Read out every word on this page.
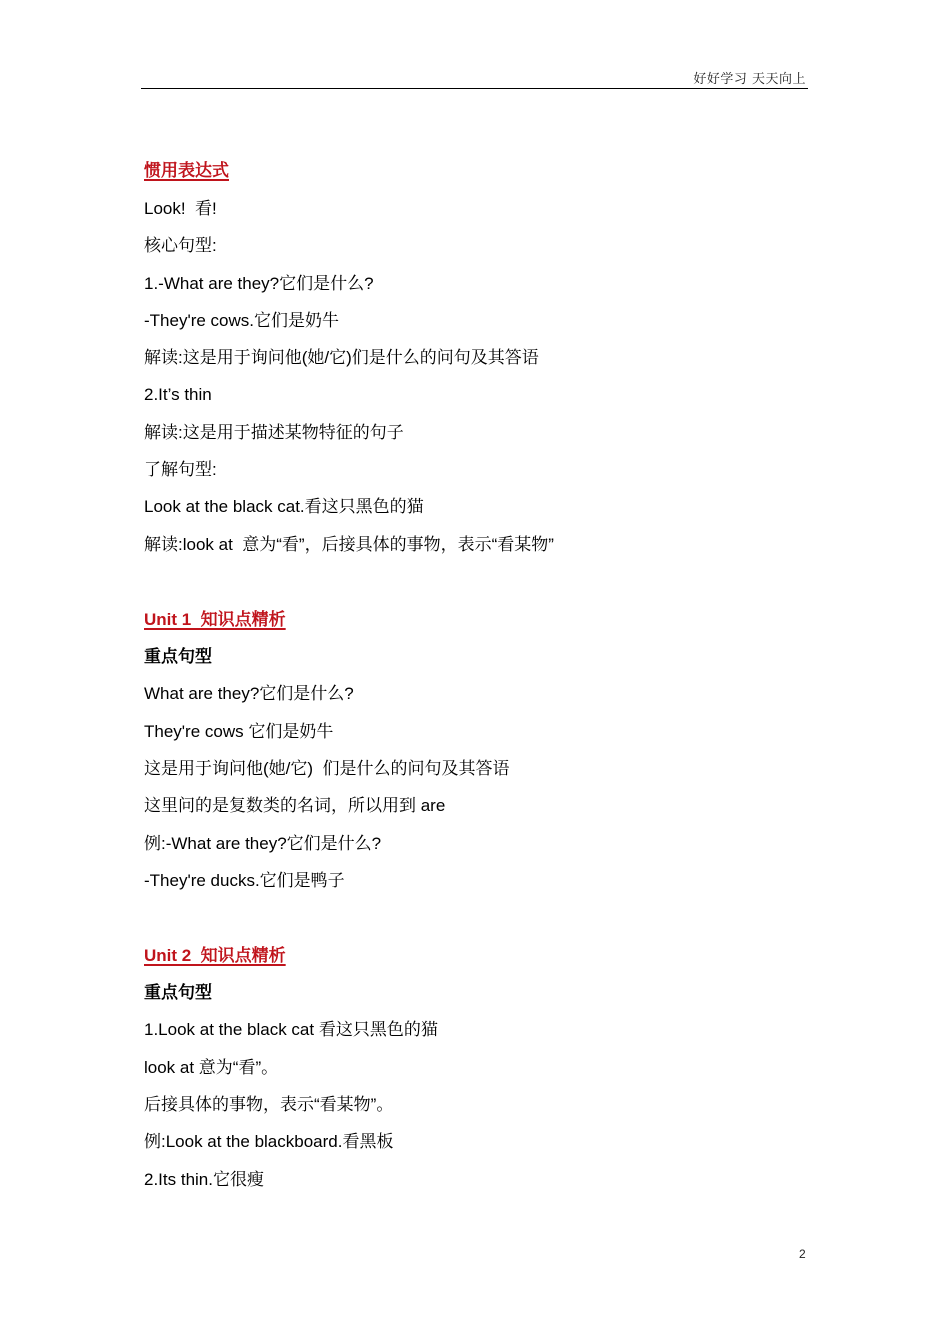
好好学习 天天向上
惯用表达式
Look!  看!
核心句型:
1.-What are they?它们是什么?
-They're cows.它们是奶牛
解读:这是用于询问他(她/它)们是什么的问句及其答语
2.It’s thin
解读:这是用于描述某物特征的句子
了解句型:
Look at the black cat.看这只黑色的猫
解读:look at  意为“看”，后接具体的事物，表示“看某物”
Unit 1  知识点精析
重点句型
What are they?它们是什么?
They're cows 它们是奶牛
这是用于询问他(她/它)  们是什么的问句及其答语
这里问的是复数类的名词，所以用到 are
例:-What are they?它们是什么?
-They're ducks.它们是鸭子
Unit 2  知识点精析
重点句型
1.Look at the black cat 看这只黑色的猫
look at 意为“看”。
后接具体的事物，表示“看某物”。
例:Look at the blackboard.看黑板
2.Its thin.它很瘦
2
